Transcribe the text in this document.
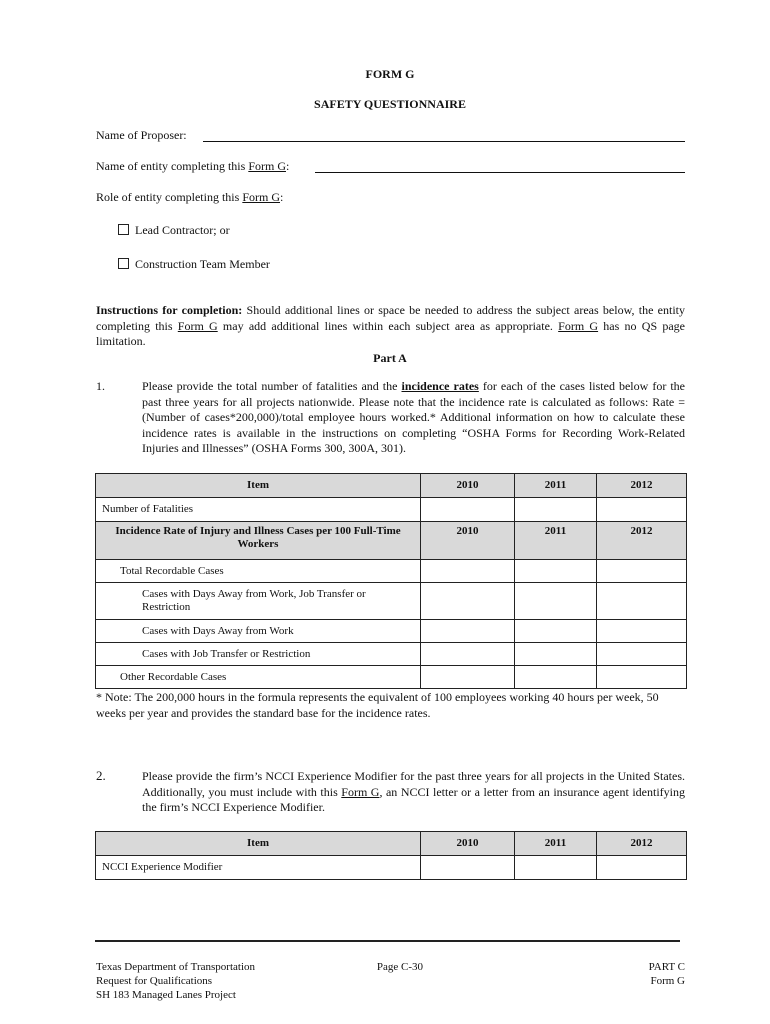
FORM G
SAFETY QUESTIONNAIRE
Name of Proposer:
Name of entity completing this Form G:
Role of entity completing this Form G:
Lead Contractor; or
Construction Team Member
Instructions for completion: Should additional lines or space be needed to address the subject areas below, the entity completing this Form G may add additional lines within each subject area as appropriate. Form G has no QS page limitation.
Part A
1.	Please provide the total number of fatalities and the incidence rates for each of the cases listed below for the past three years for all projects nationwide. Please note that the incidence rate is calculated as follows: Rate = (Number of cases*200,000)/total employee hours worked.* Additional information on how to calculate these incidence rates is available in the instructions on completing “OSHA Forms for Recording Work-Related Injuries and Illnesses” (OSHA Forms 300, 300A, 301).
Item	2010	2011	2012
Number of Fatalities			
Incidence Rate of Injury and Illness Cases per 100 Full-Time Workers	2010	2011	2012
Total Recordable Cases			
Cases with Days Away from Work, Job Transfer or Restriction			
Cases with Days Away from Work			
Cases with Job Transfer or Restriction			
Other Recordable Cases			
* Note: The 200,000 hours in the formula represents the equivalent of 100 employees working 40 hours per week, 50 weeks per year and provides the standard base for the incidence rates.
2.	Please provide the firm’s NCCI Experience Modifier for the past three years for all projects in the United States. Additionally, you must include with this Form G, an NCCI letter or a letter from an insurance agent identifying the firm’s NCCI Experience Modifier.
Item	2010	2011	2012
NCCI Experience Modifier			
Texas Department of Transportation
Request for Qualifications
SH 183 Managed Lanes Project
Page C-30	PART C
Form G
